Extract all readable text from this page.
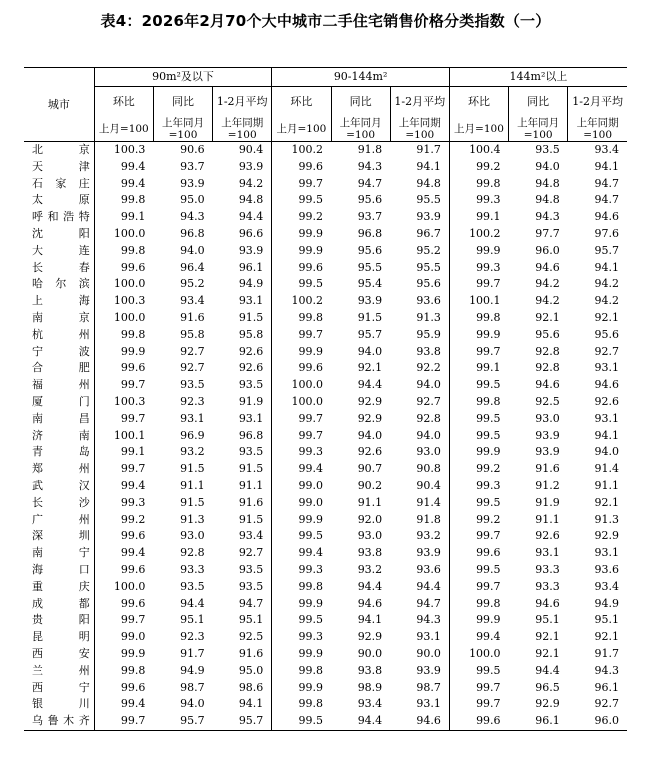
表4：2026年2月70个大中城市二手住宅销售价格分类指数（一）
城市	90m²及以下			90-144m²			144m²以上		
	环比	同比	1-2月平均	环比	同比	1-2月平均	环比	同比	1-2月平均
	上月=100	上年同月=100	上年同期=100	上月=100	上年同月=100	上年同期=100	上月=100	上年同月=100	上年同期=100
北京	100.3	90.6	90.4	100.2	91.8	91.7	100.4	93.5	93.4
天津	99.4	93.7	93.9	99.6	94.3	94.1	99.2	94.0	94.1
石家庄	99.4	93.9	94.2	99.7	94.7	94.8	99.8	94.8	94.7
太原	99.8	95.0	94.8	99.5	95.6	95.5	99.3	94.8	94.7
呼和浩特	99.1	94.3	94.4	99.2	93.7	93.9	99.1	94.3	94.6
沈阳	100.0	96.8	96.6	99.9	96.8	96.7	100.2	97.7	97.6
大连	99.8	94.0	93.9	99.9	95.6	95.2	99.9	96.0	95.7
长春	99.6	96.4	96.1	99.6	95.5	95.5	99.3	94.6	94.1
哈尔滨	100.0	95.2	94.9	99.5	95.4	95.6	99.7	94.2	94.2
上海	100.3	93.4	93.1	100.2	93.9	93.6	100.1	94.2	94.2
南京	100.0	91.6	91.5	99.8	91.5	91.3	99.8	92.1	92.1
杭州	99.8	95.8	95.8	99.7	95.7	95.9	99.9	95.6	95.6
宁波	99.9	92.7	92.6	99.9	94.0	93.8	99.7	92.8	92.7
合肥	99.6	92.7	92.6	99.6	92.1	92.2	99.1	92.8	93.1
福州	99.7	93.5	93.5	100.0	94.4	94.0	99.5	94.6	94.6
厦门	100.3	92.3	91.9	100.0	92.9	92.7	99.8	92.5	92.6
南昌	99.7	93.1	93.1	99.7	92.9	92.8	99.5	93.0	93.1
济南	100.1	96.9	96.8	99.7	94.0	94.0	99.5	93.9	94.1
青岛	99.1	93.2	93.5	99.3	92.6	93.0	99.9	93.9	94.0
郑州	99.7	91.5	91.5	99.4	90.7	90.8	99.2	91.6	91.4
武汉	99.4	91.1	91.1	99.0	90.2	90.4	99.3	91.2	91.1
长沙	99.3	91.5	91.6	99.0	91.1	91.4	99.5	91.9	92.1
广州	99.2	91.3	91.5	99.9	92.0	91.8	99.2	91.1	91.3
深圳	99.6	93.0	93.4	99.5	93.0	93.2	99.7	92.6	92.9
南宁	99.4	92.8	92.7	99.4	93.8	93.9	99.6	93.1	93.1
海口	99.6	93.3	93.5	99.3	93.2	93.6	99.5	93.3	93.6
重庆	100.0	93.5	93.5	99.8	94.4	94.4	99.7	93.3	93.4
成都	99.6	94.4	94.7	99.9	94.6	94.7	99.8	94.6	94.9
贵阳	99.7	95.1	95.1	99.5	94.1	94.3	99.9	95.1	95.1
昆明	99.0	92.3	92.5	99.3	92.9	93.1	99.4	92.1	92.1
西安	99.9	91.7	91.6	99.9	90.0	90.0	100.0	92.1	91.7
兰州	99.8	94.9	95.0	99.8	93.8	93.9	99.5	94.4	94.3
西宁	99.6	98.7	98.6	99.9	98.9	98.7	99.7	96.5	96.1
银川	99.4	94.0	94.1	99.8	93.4	93.1	99.7	92.9	92.7
乌鲁木齐	99.7	95.7	95.7	99.5	94.4	94.6	99.6	96.1	96.0
